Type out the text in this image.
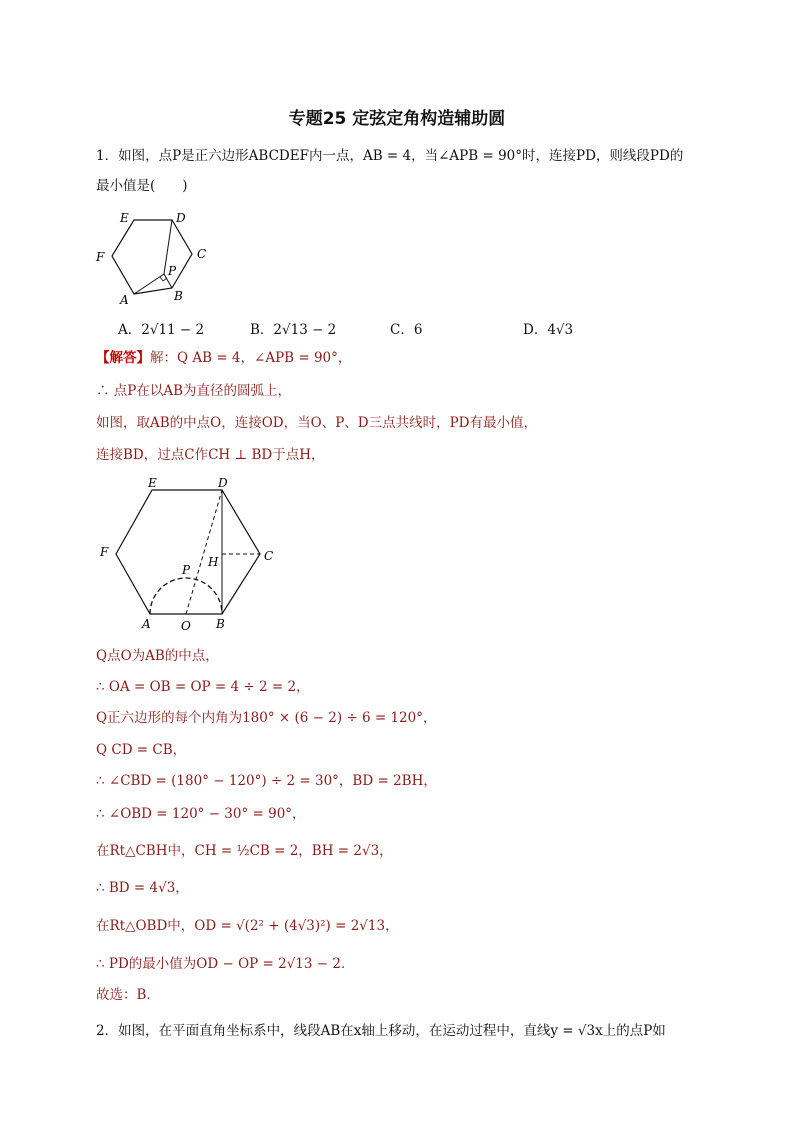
专题25 定弦定角构造辅助圆
1．如图，点P是正六边形ABCDEF内一点，AB = 4，当∠APB = 90°时，连接PD，则线段PD的
最小值是(　　)
A	B
C
D
E
F
P
A．2√11 − 2	B．2√13 − 2	C．6	D．4√3
【解答】解：Q AB = 4，∠APB = 90°，
∴ 点P在以AB为直径的圆弧上，
如图，取AB的中点O，连接OD，当O、P、D三点共线时，PD有最小值，
连接BD，过点C作CH ⊥ BD于点H，
A	O B
C
D
E
F
P
H
Q点O为AB的中点，
∴ OA = OB = OP = 4 ÷ 2 = 2，
Q正六边形的每个内角为180° × (6 − 2) ÷ 6 = 120°，
Q CD = CB，
∴ ∠CBD = (180° − 120°) ÷ 2 = 30°，BD = 2BH，
∴ ∠OBD = 120° − 30° = 90°，
在Rt△CBH中，CH = ½CB = 2，BH = 2√3，
∴ BD = 4√3，
在Rt△OBD中，OD = √(2² + (4√3)²) = 2√13，
∴ PD的最小值为OD − OP = 2√13 − 2．
故选：B．
2．如图，在平面直角坐标系中，线段AB在x轴上移动，在运动过程中，直线y = √3x上的点P如
